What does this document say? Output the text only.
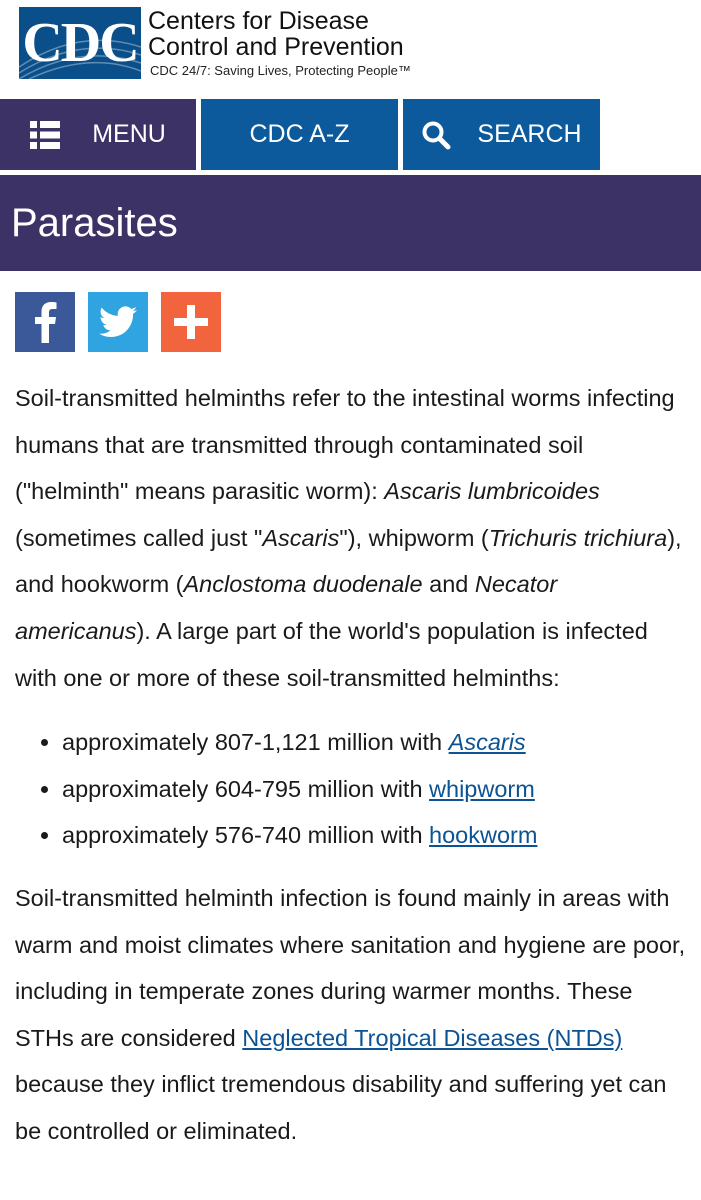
CDC Centers for Disease
Control and Prevention
CDC 24/7: Saving Lives, Protecting People™
MENU	CDC A-Z	SEARCH
Parasites

Soil-transmitted helminths refer to the intestinal worms infecting humans that are transmitted through contaminated soil ("helminth" means parasitic worm): Ascaris lumbricoides (sometimes called just "Ascaris"), whipworm (Trichuris trichiura), and hookworm (Anclostoma duodenale and Necator americanus). A large part of the world's population is infected with one or more of these soil-transmitted helminths:

• approximately 807-1,121 million with Ascaris
• approximately 604-795 million with whipworm
• approximately 576-740 million with hookworm

Soil-transmitted helminth infection is found mainly in areas with warm and moist climates where sanitation and hygiene are poor, including in temperate zones during warmer months. These STHs are considered Neglected Tropical Diseases (NTDs) because they inflict tremendous disability and suffering yet can be controlled or eliminated.
